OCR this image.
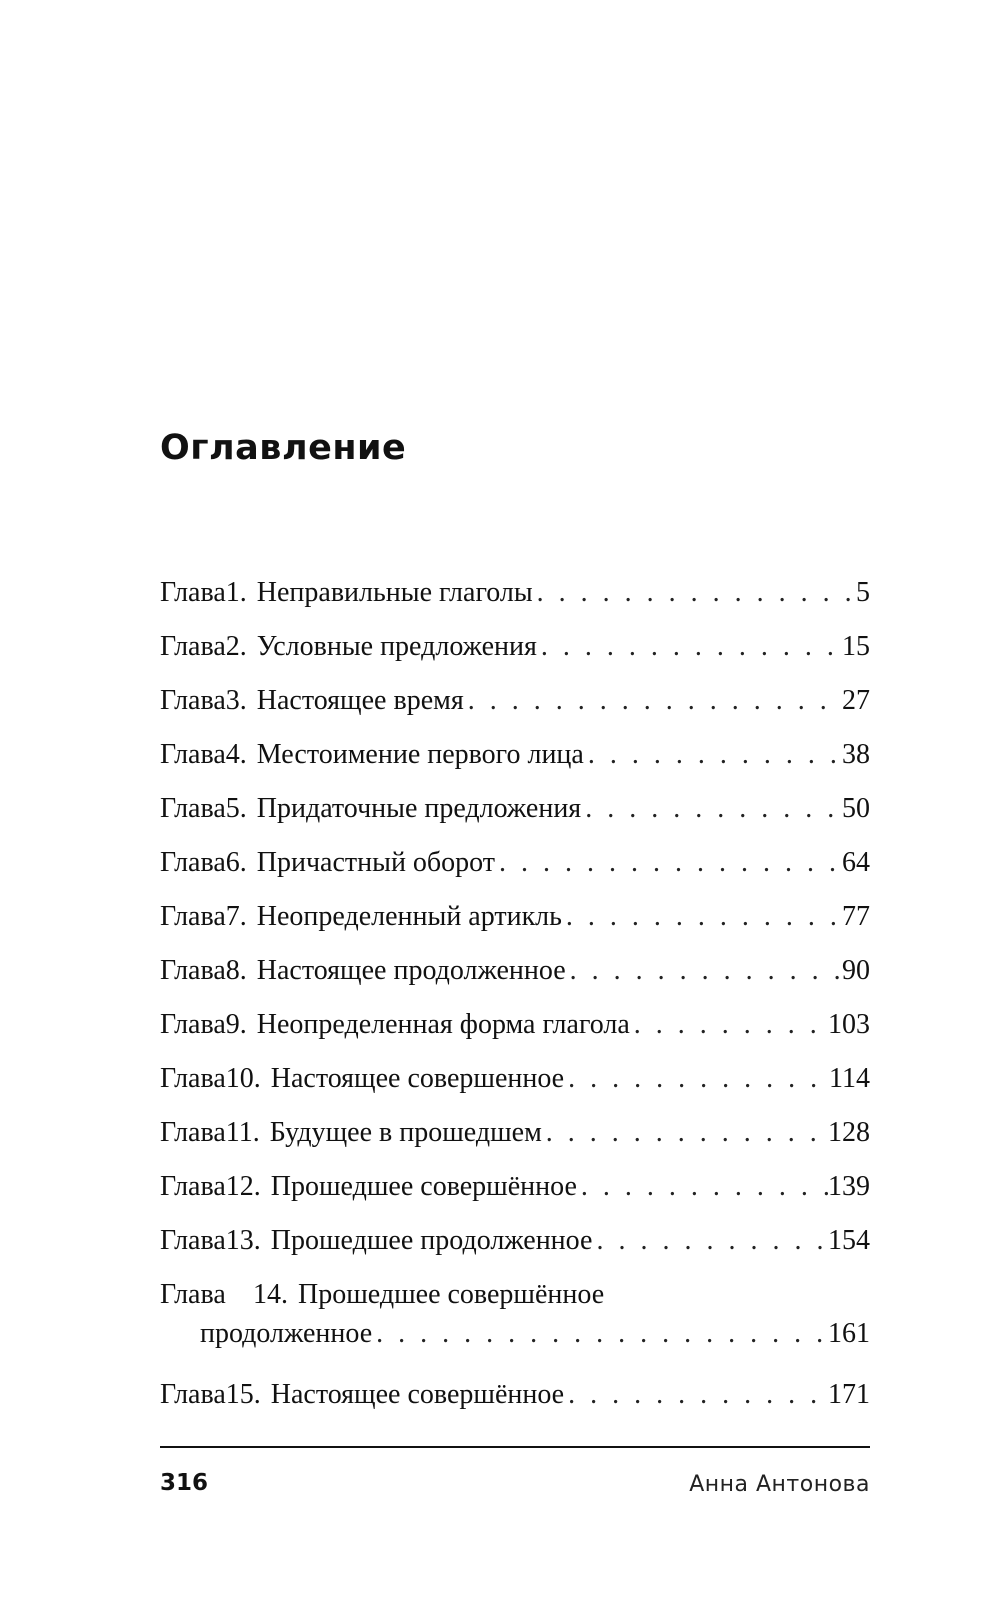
Оглавление
Глава 1. Неправильные глаголы . . .	5
Глава 2. Условные предложения . . .	15
Глава 3. Настоящее время . . .	27
Глава 4. Местоимение первого лица . . .	38
Глава 5. Придаточные предложения . . .	50
Глава 6. Причастный оборот . . .	64
Глава 7. Неопределенный артикль . . .	77
Глава 8. Настоящее продолженное . . .	90
Глава 9. Неопределенная форма глагола . . .	103
Глава 10. Настоящее совершенное . . .	114
Глава 11. Будущее в прошедшем . . .	128
Глава 12. Прошедшее совершённое . . .	139
Глава 13. Прошедшее продолженное . . .	154
Глава 14. Прошедшее совершённое
продолженное . . .	161
Глава 15. Настоящее совершённое . . .	171
316	Анна Антонова
